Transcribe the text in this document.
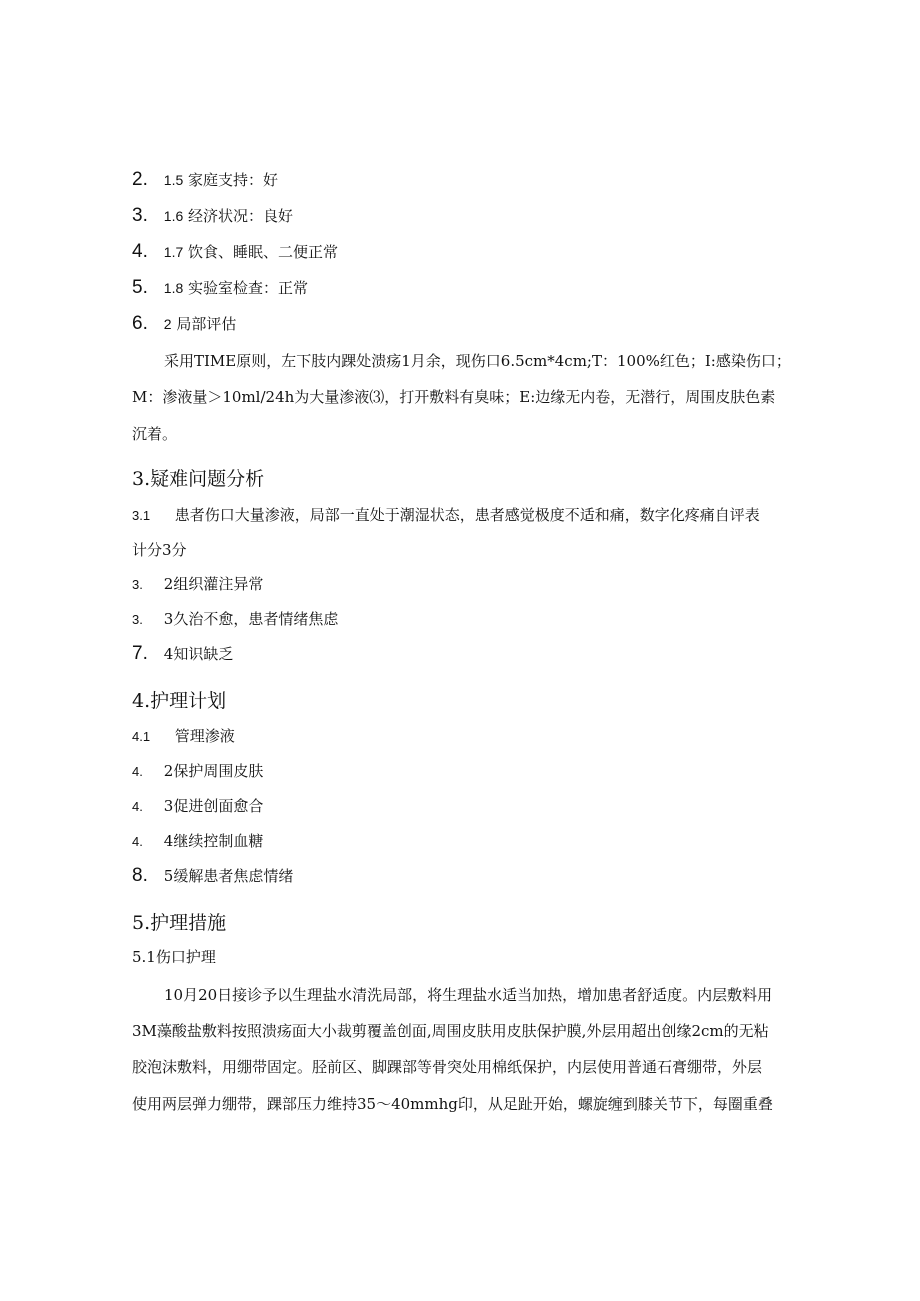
2. 1.5 家庭支持：好
3. 1.6 经济状况：良好
4. 1.7 饮食、睡眠、二便正常
5. 1.8 实验室检查：正常
6. 2 局部评估
采用TIME原则，左下肢内踝处溃疡1月余，现伤口6.5cm*4cm;T：100%红色；I:感染伤口；
M：渗液量＞10ml/24h为大量渗液⑶，打开敷料有臭味；E:边缘无内卷，无潜行，周围皮肤色素
沉着。
3.疑难问题分析
3.1 患者伤口大量渗液，局部一直处于潮湿状态，患者感觉极度不适和痛，数字化疼痛自评表
计分3分
3. 2组织灌注异常
3. 3久治不愈，患者情绪焦虑
7. 4知识缺乏
4.护理计划
4.1 管理渗液
4. 2保护周围皮肤
4. 3促进创面愈合
4. 4继续控制血糖
8. 5缓解患者焦虑情绪
5.护理措施
5.1伤口护理
10月20日接诊予以生理盐水清洗局部，将生理盐水适当加热，增加患者舒适度。内层敷料用
3M藻酸盐敷料按照溃疡面大小裁剪覆盖创面,周围皮肤用皮肤保护膜,外层用超出创缘2cm的无粘
胶泡沫敷料，用绷带固定。胫前区、脚踝部等骨突处用棉纸保护，内层使用普通石膏绷带，外层
使用两层弹力绷带，踝部压力维持35～40mmhg印，从足趾开始，螺旋缠到膝关节下，每圈重叠
